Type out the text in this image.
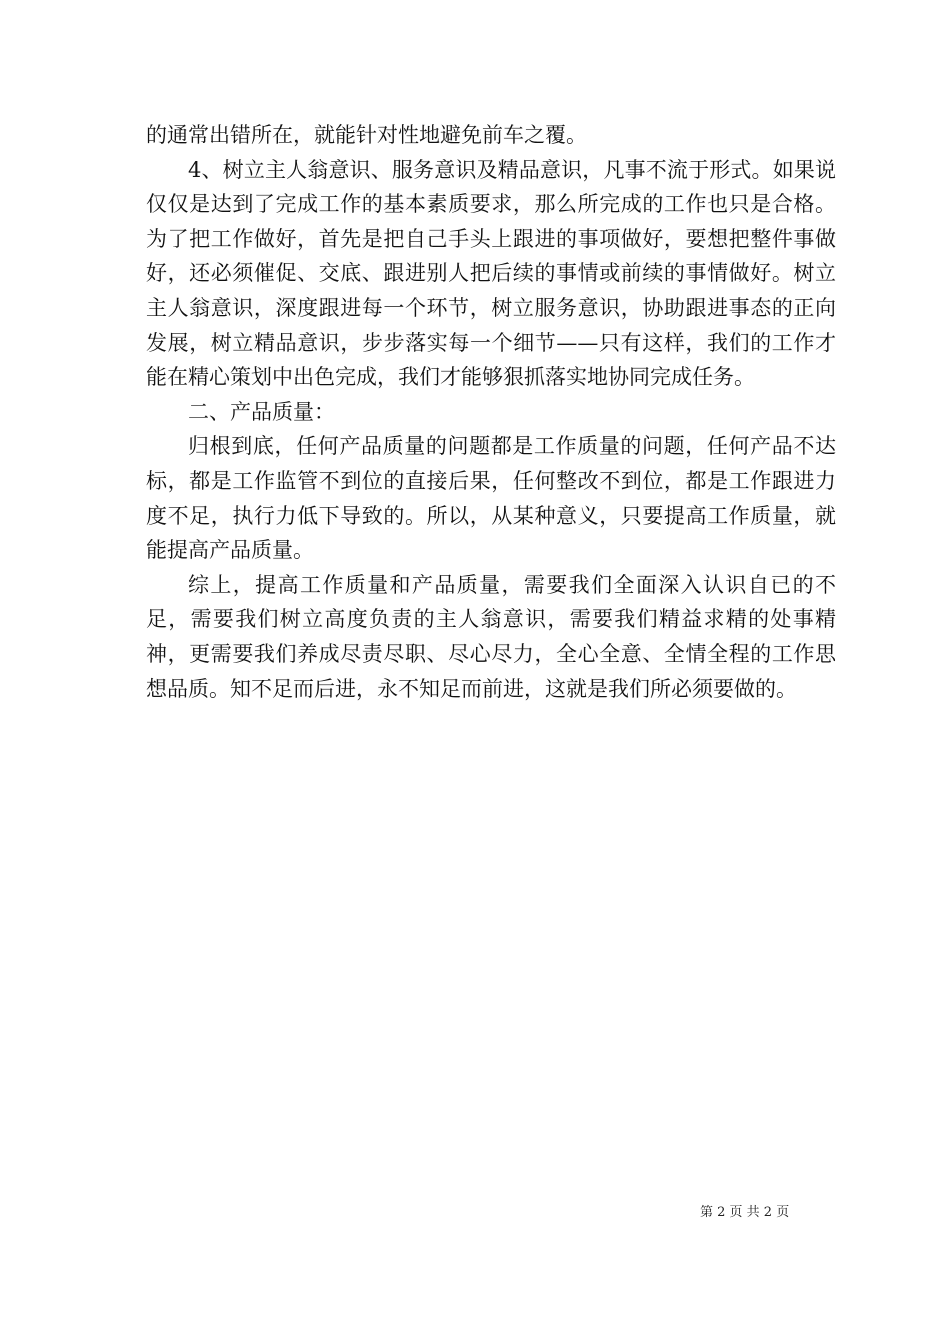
的通常出错所在，就能针对性地避免前车之覆。

4、树立主人翁意识、服务意识及精品意识，凡事不流于形式。如果说仅仅是达到了完成工作的基本素质要求，那么所完成的工作也只是合格。为了把工作做好，首先是把自己手头上跟进的事项做好，要想把整件事做好，还必须催促、交底、跟进别人把后续的事情或前续的事情做好。树立主人翁意识，深度跟进每一个环节，树立服务意识，协助跟进事态的正向发展，树立精品意识，步步落实每一个细节——只有这样，我们的工作才能在精心策划中出色完成，我们才能够狠抓落实地协同完成任务。

二、产品质量：

归根到底，任何产品质量的问题都是工作质量的问题，任何产品不达标，都是工作监管不到位的直接后果，任何整改不到位，都是工作跟进力度不足，执行力低下导致的。所以，从某种意义，只要提高工作质量，就能提高产品质量。

综上，提高工作质量和产品质量，需要我们全面深入认识自已的不足，需要我们树立高度负责的主人翁意识，需要我们精益求精的处事精神，更需要我们养成尽责尽职、尽心尽力，全心全意、全情全程的工作思想品质。知不足而后进，永不知足而前进，这就是我们所必须要做的。

第 2 页 共 2 页
